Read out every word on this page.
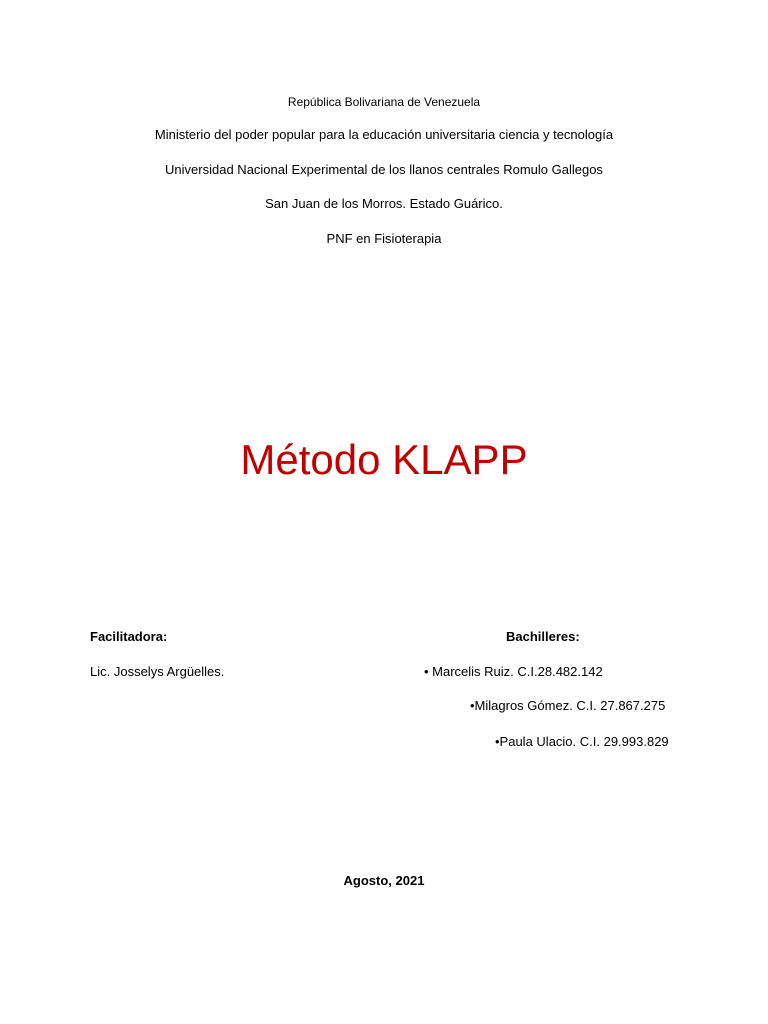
República Bolivariana de Venezuela
Ministerio del poder popular para la educación universitaria ciencia y tecnología
Universidad Nacional Experimental de los llanos centrales Romulo Gallegos
San Juan de los Morros. Estado Guárico.
PNF en Fisioterapia
Método KLAPP
Facilitadora:
Lic. Josselys Argüelles.
Bachilleres:
• Marcelis Ruiz. C.I.28.482.142
•Milagros Gómez. C.I. 27.867.275
•Paula Ulacio. C.I. 29.993.829
Agosto, 2021
